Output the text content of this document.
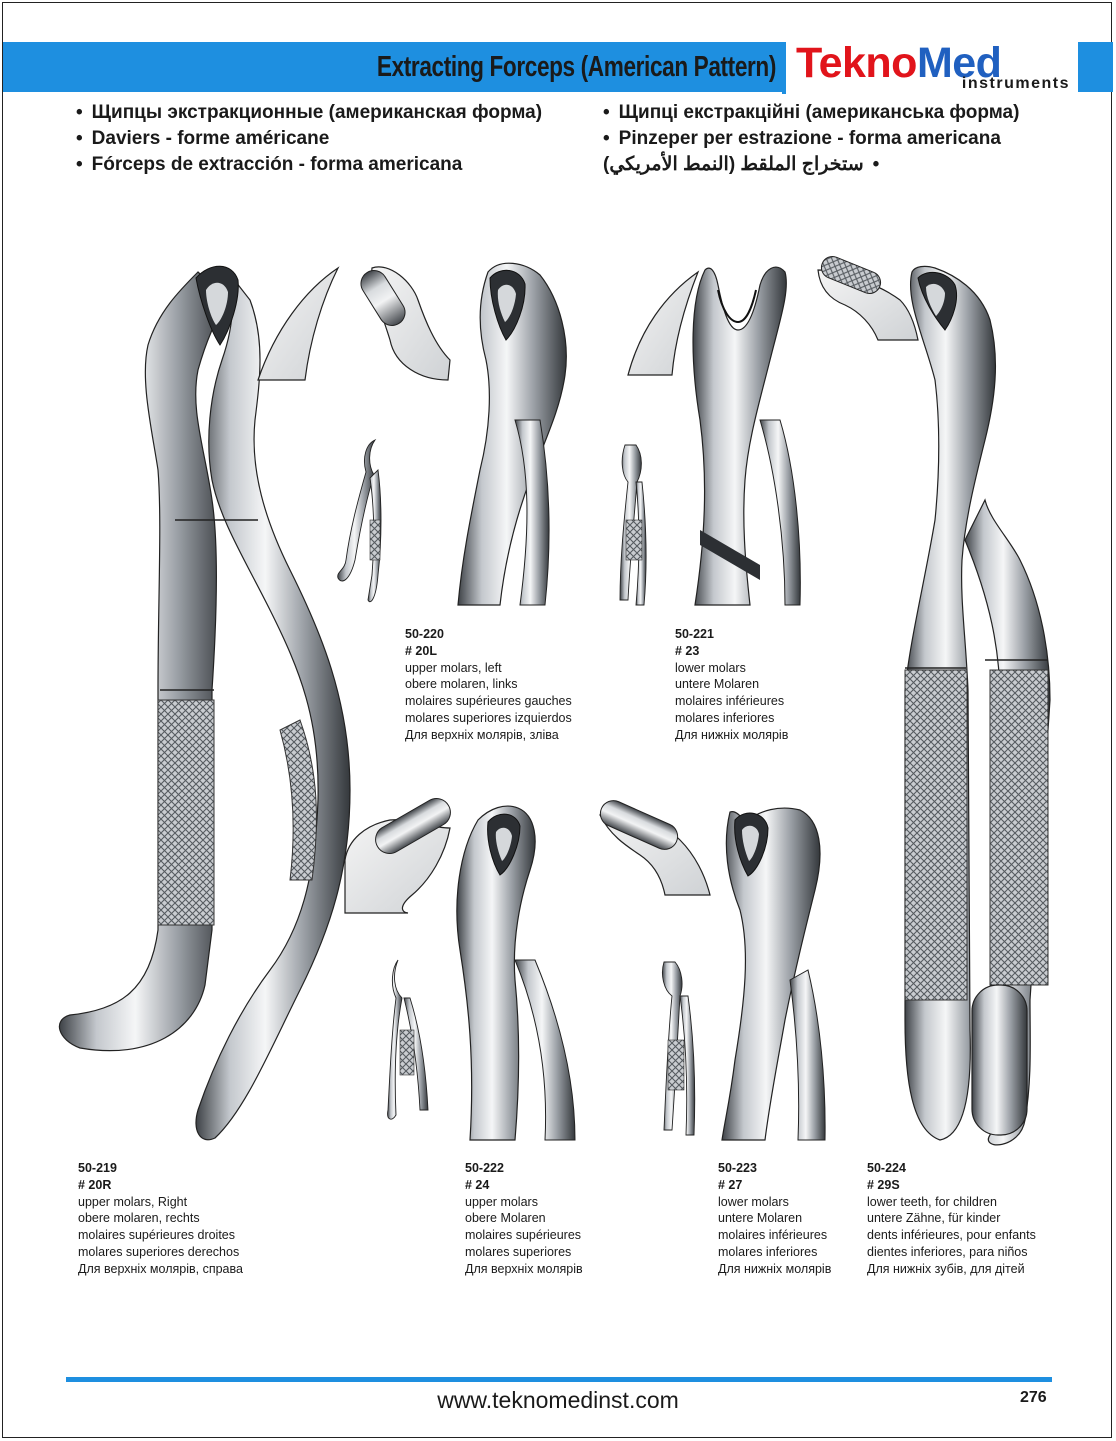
Extracting Forceps (American Pattern) TeknoMed
instruments
• Щипцы экстракционные (американская форма)
• Daviers - forme américane
• Fórceps de extracción - forma americana
• Щипці екстракційні (американська форма)
• Pinzeper per estrazione - forma americana
• ستخراج الملقط (النمط الأمريكي)
50-220
# 20L
upper molars, left
obere molaren, links
molaires supérieures gauches
molares superiores izquierdos
Для верхніх молярів, зліва
50-221
# 23
lower molars
untere Molaren
molaires inférieures
molares inferiores
Для нижніх молярів
50-219
# 20R
upper molars, Right
obere molaren, rechts
molaires supérieures droites
molares superiores derechos
Для верхніх молярів, справа
50-222
# 24
upper molars
obere Molaren
molaires supérieures
molares superiores
Для верхніх молярів
50-223
# 27
lower molars
untere Molaren
molaires inférieures
molares inferiores
Для нижніх молярів
50-224
# 29S
lower teeth, for children
untere Zähne, für kinder
dents inférieures, pour enfants
dientes inferiores, para niños
Для нижніх зубів, для дітей
www.teknomedinst.com	276
